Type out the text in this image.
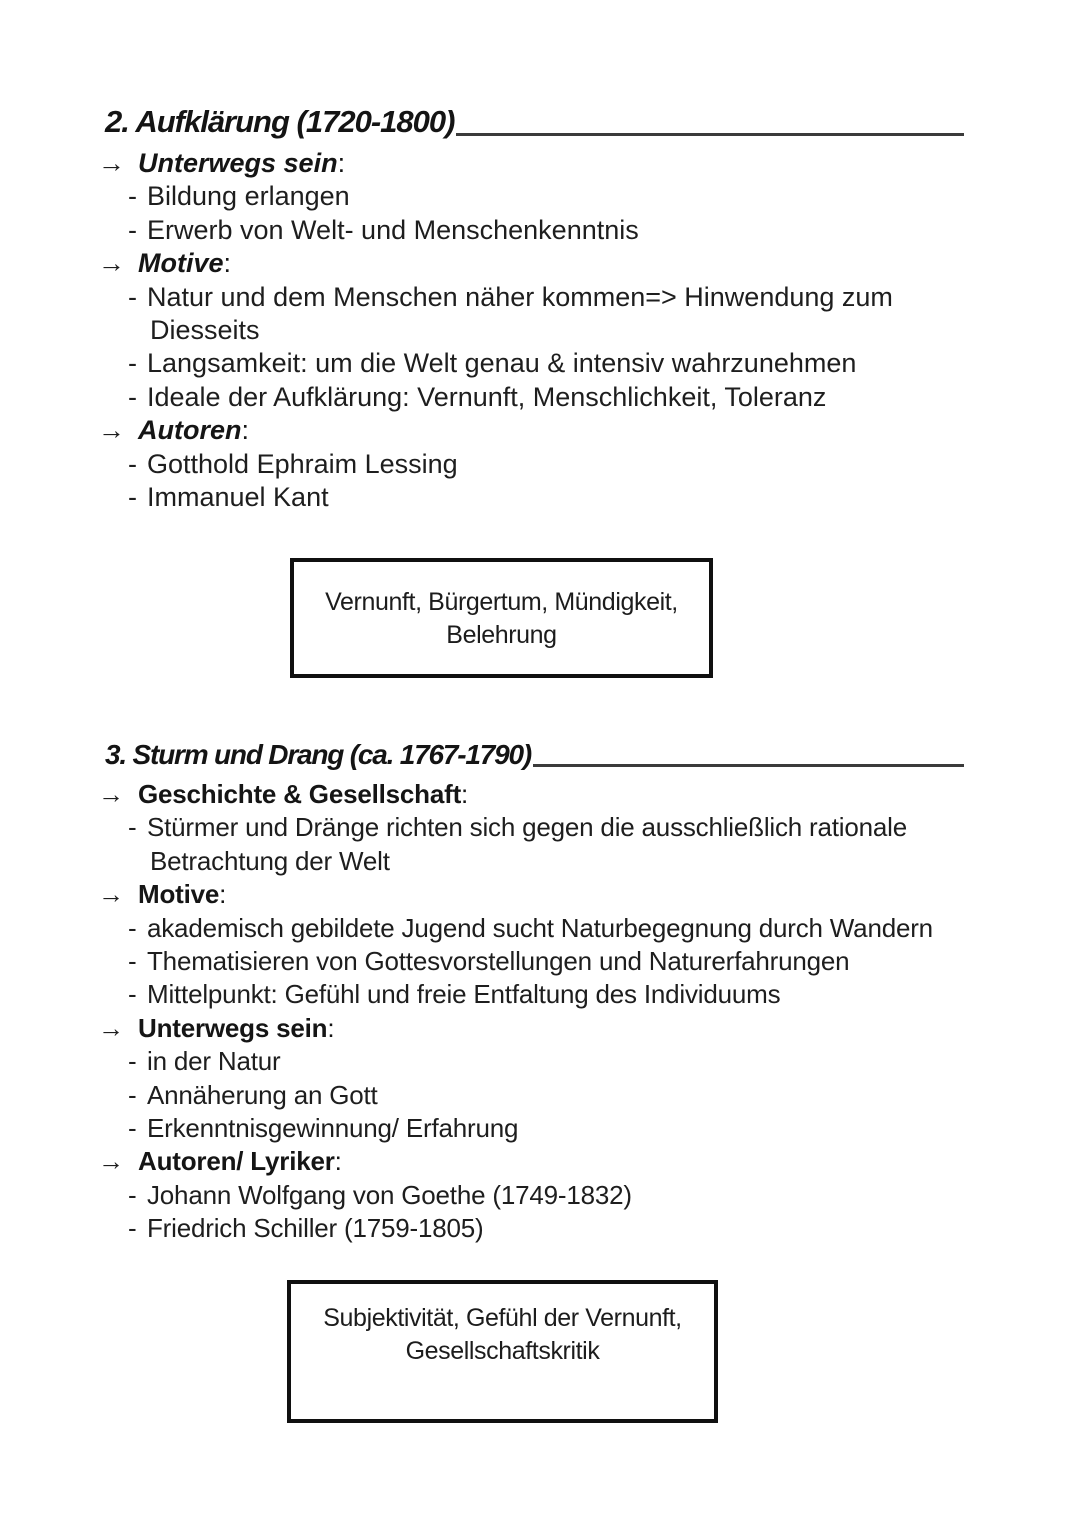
2. Aufklärung (1720-1800)
→ Unterwegs sein:
- Bildung erlangen
- Erwerb von Welt- und Menschenkenntnis
→ Motive:
- Natur und dem Menschen näher kommen=> Hinwendung zum
Diesseits
- Langsamkeit: um die Welt genau & intensiv wahrzunehmen
- Ideale der Aufklärung: Vernunft, Menschlichkeit, Toleranz
→ Autoren:
- Gotthold Ephraim Lessing
- Immanuel Kant
Vernunft, Bürgertum, Mündigkeit,
Belehrung
3. Sturm und Drang (ca. 1767-1790)
→ Geschichte & Gesellschaft:
- Stürmer und Dränge richten sich gegen die ausschließlich rationale
Betrachtung der Welt
→ Motive:
- akademisch gebildete Jugend sucht Naturbegegnung durch Wandern
- Thematisieren von Gottesvorstellungen und Naturerfahrungen
- Mittelpunkt: Gefühl und freie Entfaltung des Individuums
→ Unterwegs sein:
- in der Natur
- Annäherung an Gott
- Erkenntnisgewinnung/ Erfahrung
→ Autoren/ Lyriker:
- Johann Wolfgang von Goethe (1749-1832)
- Friedrich Schiller (1759-1805)
Subjektivität, Gefühl der Vernunft,
Gesellschaftskritik
